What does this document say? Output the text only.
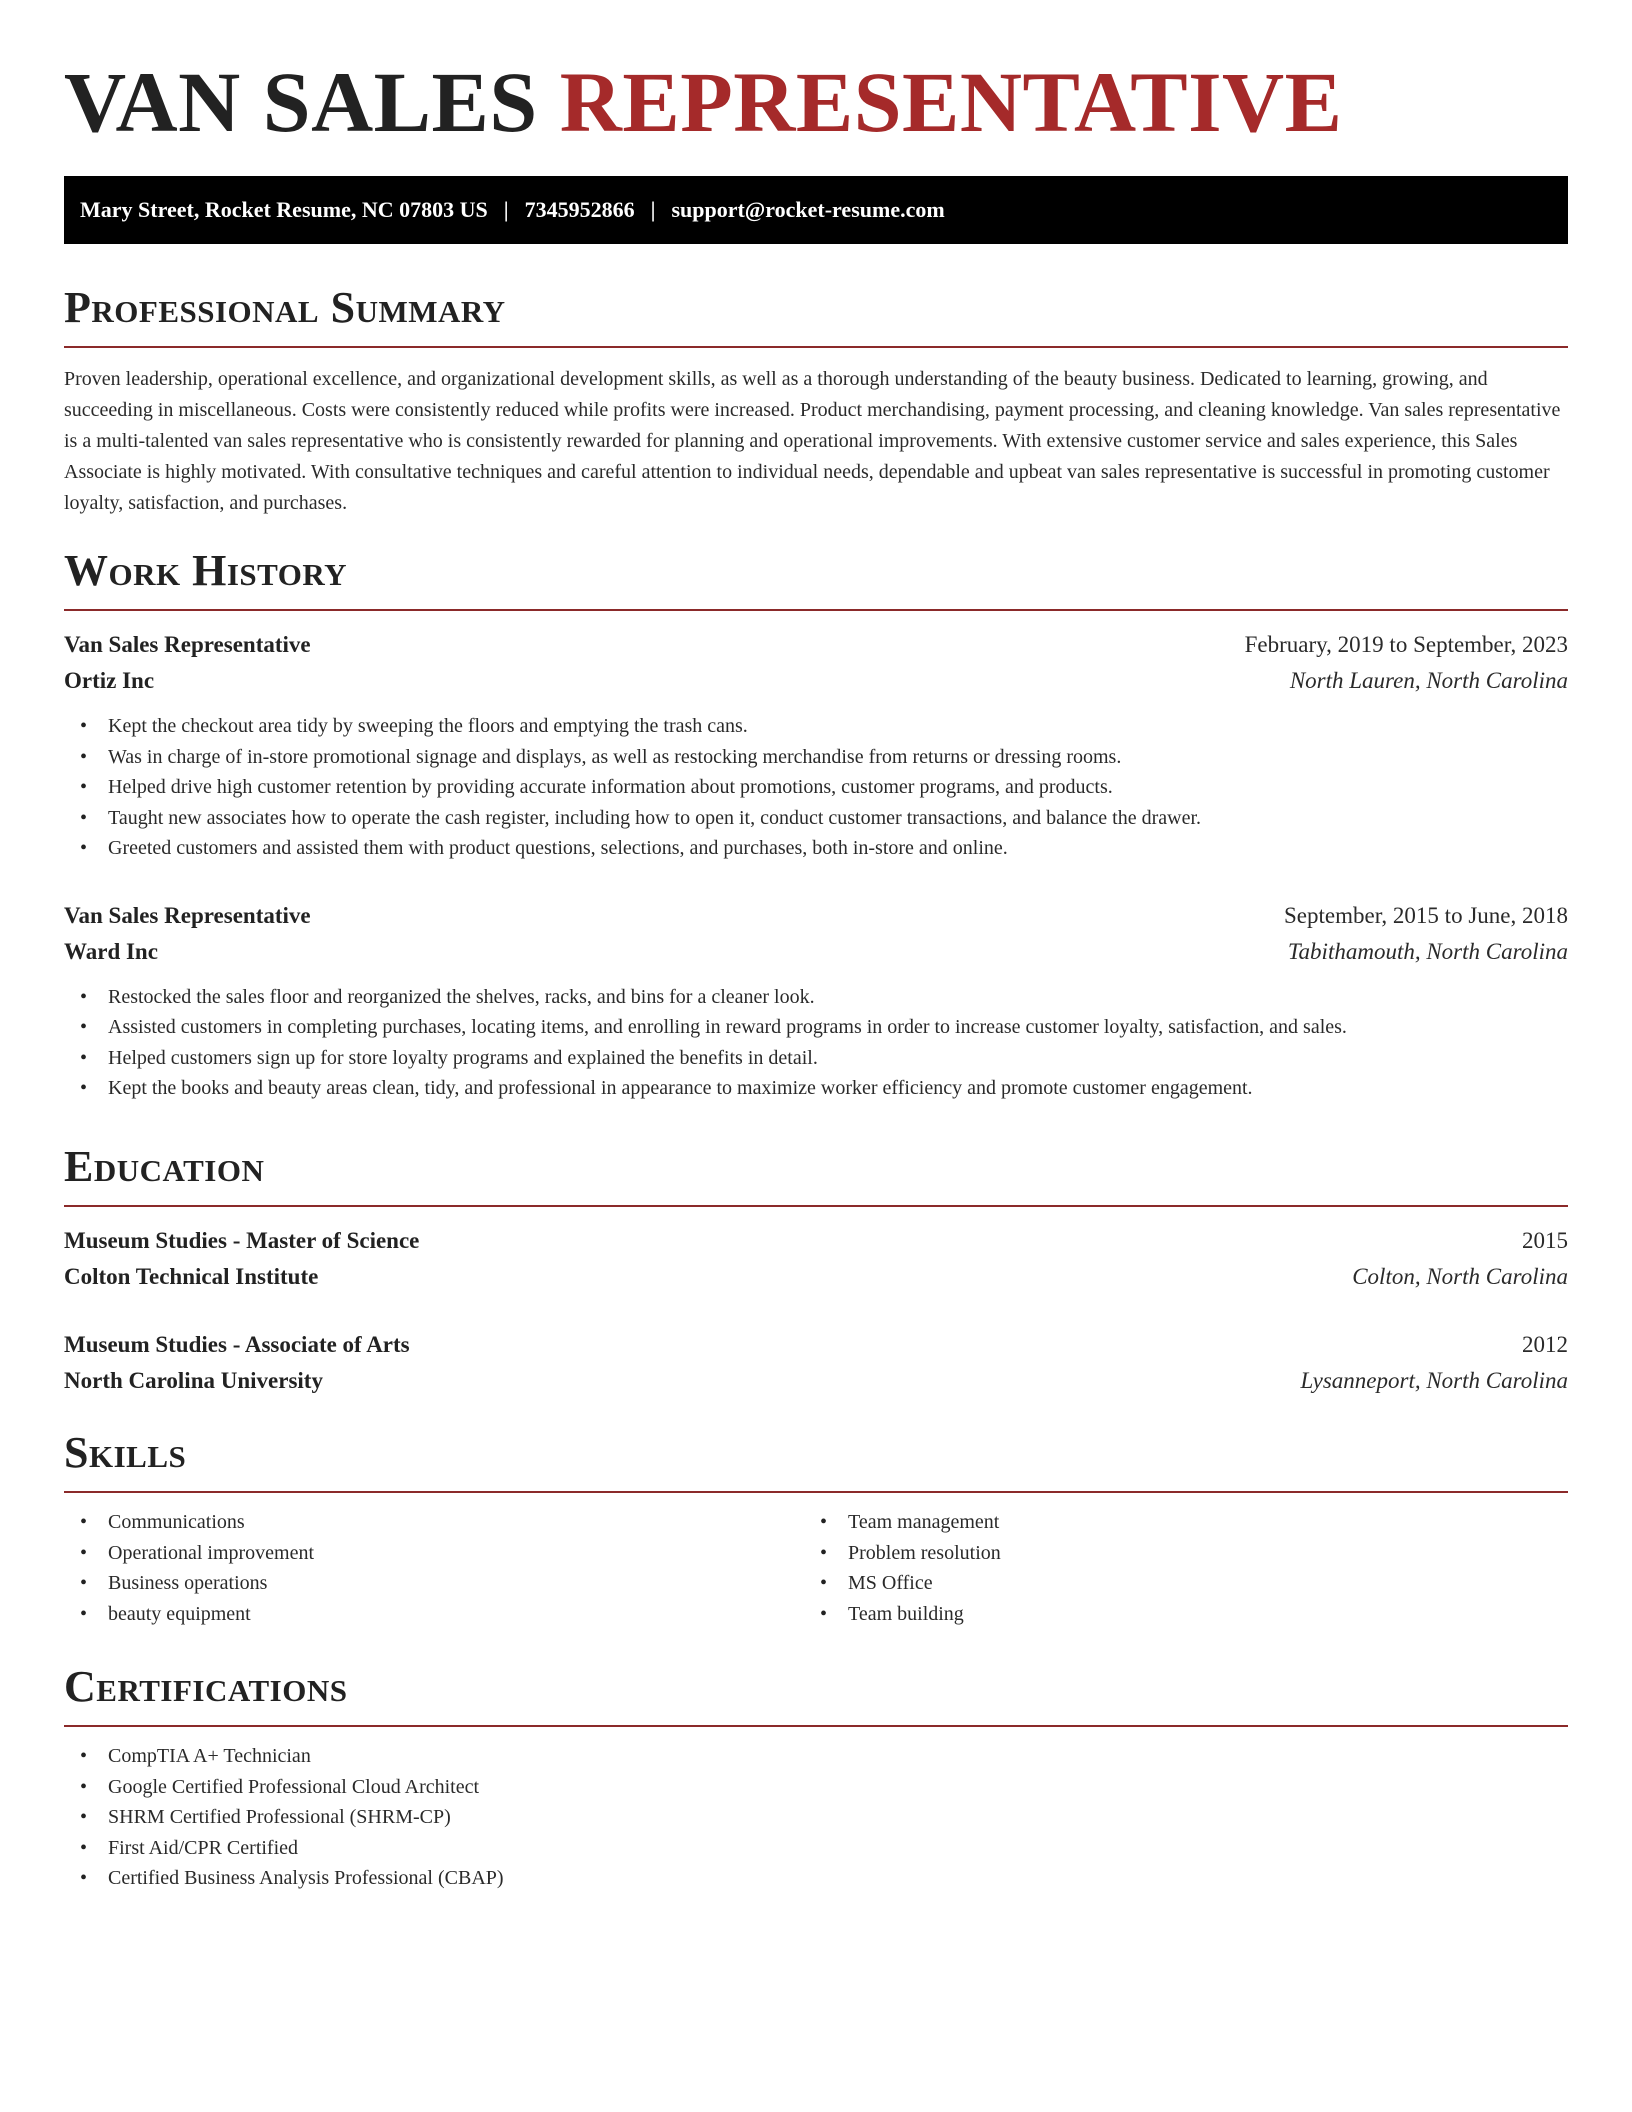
VAN SALES REPRESENTATIVE
Mary Street, Rocket Resume, NC 07803 US | 7345952866 | support@rocket-resume.com
Professional Summary

Proven leadership, operational excellence, and organizational development skills, as well as a thorough understanding of the beauty business. Dedicated to learning, growing, and succeeding in miscellaneous. Costs were consistently reduced while profits were increased. Product merchandising, payment processing, and cleaning knowledge. Van sales representative is a multi-talented van sales representative who is consistently rewarded for planning and operational improvements. With extensive customer service and sales experience, this Sales Associate is highly motivated. With consultative techniques and careful attention to individual needs, dependable and upbeat van sales representative is successful in promoting customer loyalty, satisfaction, and purchases.

Work History
Van Sales Representative	February, 2019 to September, 2023
Ortiz Inc	North Lauren, North Carolina
• Kept the checkout area tidy by sweeping the floors and emptying the trash cans.
• Was in charge of in-store promotional signage and displays, as well as restocking merchandise from returns or dressing rooms.
• Helped drive high customer retention by providing accurate information about promotions, customer programs, and products.
• Taught new associates how to operate the cash register, including how to open it, conduct customer transactions, and balance the drawer.
• Greeted customers and assisted them with product questions, selections, and purchases, both in-store and online.
Van Sales Representative	September, 2015 to June, 2018
Ward Inc	Tabithamouth, North Carolina
• Restocked the sales floor and reorganized the shelves, racks, and bins for a cleaner look.
• Assisted customers in completing purchases, locating items, and enrolling in reward programs in order to increase customer loyalty, satisfaction, and sales.
• Helped customers sign up for store loyalty programs and explained the benefits in detail.
• Kept the books and beauty areas clean, tidy, and professional in appearance to maximize worker efficiency and promote customer engagement.
Education
Museum Studies - Master of Science	2015
Colton Technical Institute	Colton, North Carolina
Museum Studies - Associate of Arts	2012
North Carolina University	Lysanneport, North Carolina
Skills
• Communications
• Operational improvement
• Business operations
• beauty equipment
• Team management
• Problem resolution
• MS Office
• Team building
Certifications
• CompTIA A+ Technician
• Google Certified Professional Cloud Architect
• SHRM Certified Professional (SHRM-CP)
• First Aid/CPR Certified
• Certified Business Analysis Professional (CBAP)
